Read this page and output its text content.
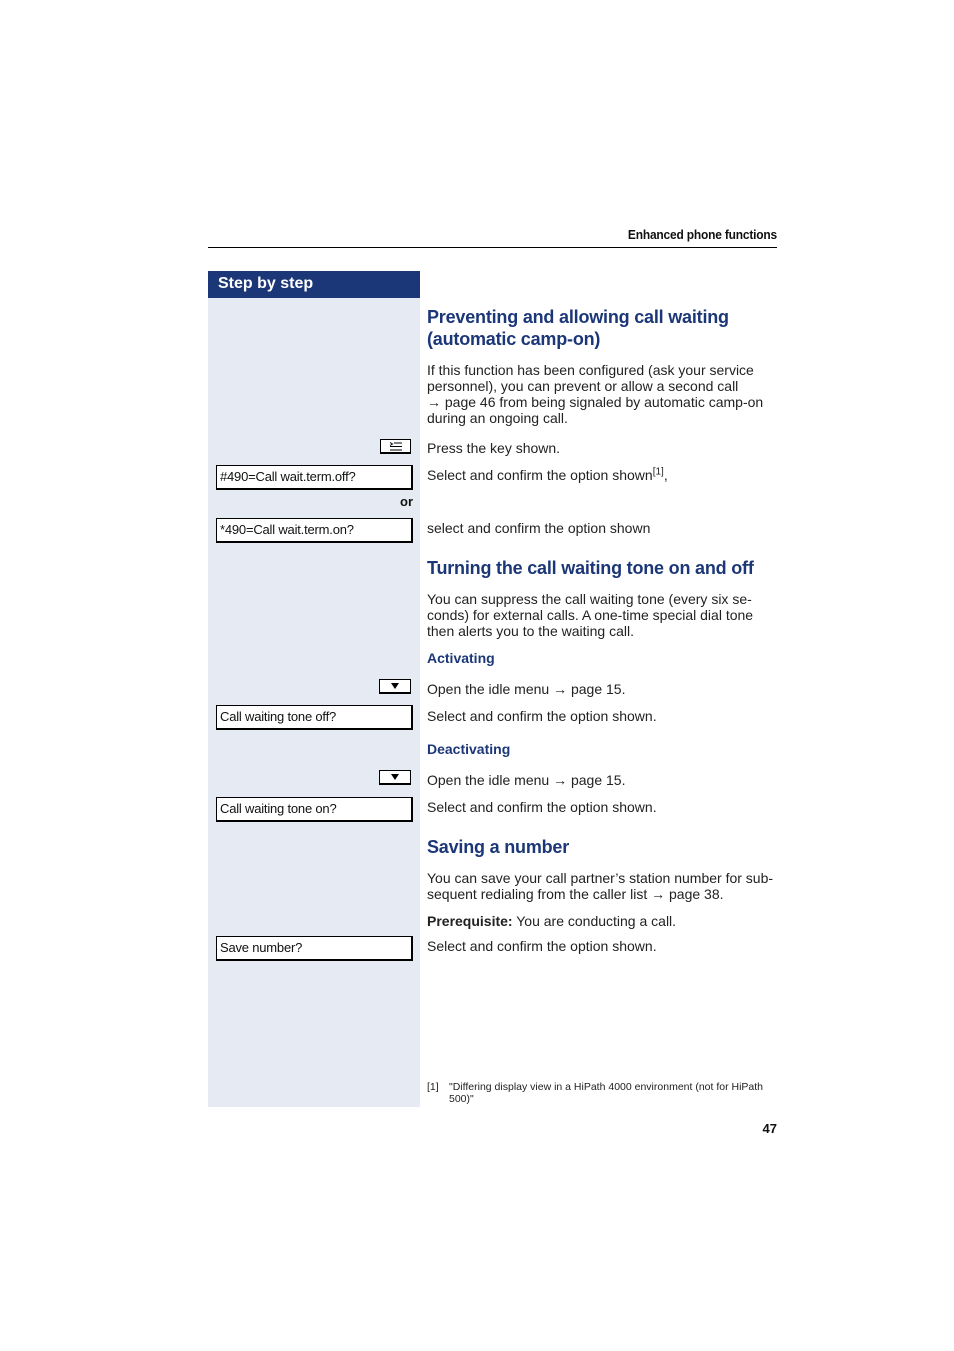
Enhanced phone functions
Step by step
Preventing and allowing call waiting
(automatic camp-on)
If this function has been configured (ask your service
personnel), you can prevent or allow a second call
→ page 46 from being signaled by automatic camp-on
during an ongoing call.
Press the key shown.
#490=Call wait.term.off?	Select and confirm the option shown[1],
or
*490=Call wait.term.on?	select and confirm the option shown
Turning the call waiting tone on and off
You can suppress the call waiting tone (every six se-
conds) for external calls. A one-time special dial tone
then alerts you to the waiting call.
Activating
Open the idle menu → page 15.
Call waiting tone off?	Select and confirm the option shown.
Deactivating
Open the idle menu → page 15.
Call waiting tone on?	Select and confirm the option shown.
Saving a number
You can save your call partner’s station number for sub-
sequent redialing from the caller list → page 38.
Prerequisite: You are conducting a call.
Save number?	Select and confirm the option shown.
[1] "Differing display view in a HiPath 4000 environment (not for HiPath 500)"
47
